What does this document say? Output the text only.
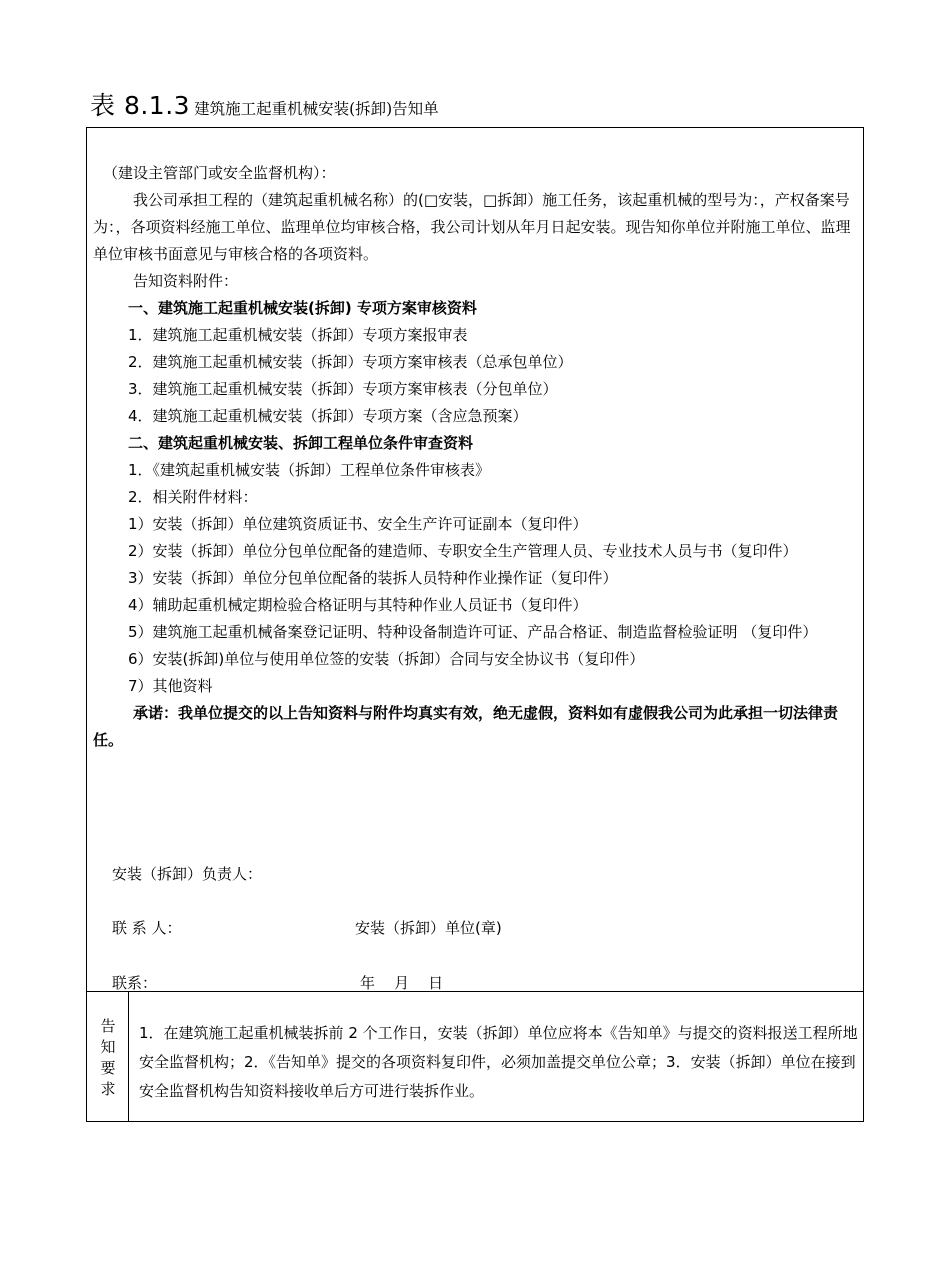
表 8.1.3 建筑施工起重机械安装(拆卸)告知单

（建设主管部门或安全监督机构）：

我公司承担工程的（建筑起重机械名称）的(□安装，□拆卸）施工任务，该起重机械的型号为：，产权备案号为：，各项资料经施工单位、监理单位均审核合格，我公司计划从年月日起安装。现告知你单位并附施工单位、监理单位审核书面意见与审核合格的各项资料。

告知资料附件：

一、建筑施工起重机械安装(拆卸) 专项方案审核资料

1．建筑施工起重机械安装（拆卸）专项方案报审表

2．建筑施工起重机械安装（拆卸）专项方案审核表（总承包单位）

3．建筑施工起重机械安装（拆卸）专项方案审核表（分包单位）

4．建筑施工起重机械安装（拆卸）专项方案（含应急预案）

二、建筑起重机械安装、拆卸工程单位条件审查资料

1．《建筑起重机械安装（拆卸）工程单位条件审核表》

2．相关附件材料：

1）安装（拆卸）单位建筑资质证书、安全生产许可证副本（复印件）

2）安装（拆卸）单位分包单位配备的建造师、专职安全生产管理人员、专业技术人员与书（复印件）

3）安装（拆卸）单位分包单位配备的装拆人员特种作业操作证（复印件）

4）辅助起重机械定期检验合格证明与其特种作业人员证书（复印件）

5）建筑施工起重机械备案登记证明、特种设备制造许可证、产品合格证、制造监督检验证明 （复印件）

6）安装(拆卸)单位与使用单位签的安装（拆卸）合同与安全协议书（复印件）

7）其他资料

承诺：我单位提交的以上告知资料与附件均真实有效，绝无虚假，资料如有虚假我公司为此承担一切法律责任。

安装（拆卸）负责人：
联 系 人：	安装（拆卸）单位(章)
联系：	年    月    日
告知要求
1．在建筑施工起重机械装拆前 2 个工作日，安装（拆卸）单位应将本《告知单》与提交的资料报送工程所地安全监督机构；2．《告知单》提交的各项资料复印件，必须加盖提交单位公章；3．安装（拆卸）单位在接到安全监督机构告知资料接收单后方可进行装拆作业。
